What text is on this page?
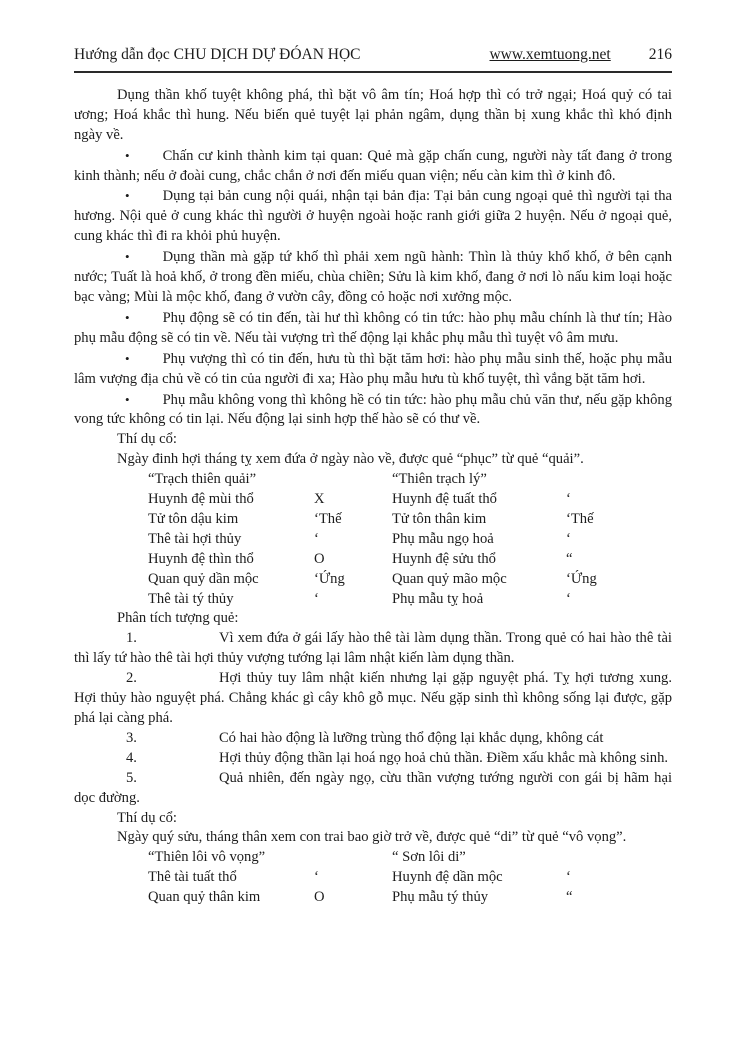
Hướng dẫn đọc CHU DỊCH DỰ ĐÓAN HỌC	www.xemtuong.net 216

Dụng thần khố tuyệt không phá, thì bặt vô âm tín; Hoá hợp thì có trở ngại; Hoá quỷ có tai ương; Hoá khắc thì hung. Nếu biến quẻ tuyệt lại phản ngâm, dụng thần bị xung khắc thì khó định ngày về.

• Chấn cư kinh thành kim tại quan: Quẻ mà gặp chấn cung, người này tất đang ở trong kinh thành; nếu ở đoài cung, chắc chắn ở nơi đến miếu quan viện; nếu càn kim thì ở kinh đô.

• Dụng tại bản cung nội quái, nhận tại bản địa: Tại bản cung ngoại quẻ thì người tại tha hương. Nội quẻ ở cung khác thì người ở huyện ngoài hoặc ranh giới giữa 2 huyện. Nếu ở ngoại quẻ, cung khác thì đi ra khỏi phủ huyện.

• Dụng thần mà gặp tứ khố thì phải xem ngũ hành: Thìn là thủy khổ khố, ở bên cạnh nước; Tuất là hoả khố, ở trong đền miếu, chùa chiền; Sửu là kim khố, đang ở nơi lò nấu kim loại hoặc bạc vàng; Mùi là mộc khố, đang ở vườn cây, đồng cỏ hoặc nơi xưởng mộc.

• Phụ động sẽ có tin đến, tài hư thì không có tin tức: hào phụ mẫu chính là thư tín; Hào phụ mẫu động sẽ có tin về. Nếu tài vượng trì thế động lại khắc phụ mẫu thì tuyệt vô âm mưu.

• Phụ vượng thì có tin đến, hưu tù thì bặt tăm hơi: hào phụ mẫu sinh thế, hoặc phụ mẫu lâm vượng địa chủ về có tin của người đi xa; Hào phụ mẫu hưu tù khố tuyệt, thì vắng bặt tăm hơi.

• Phụ mẫu không vong thì không hề có tin tức: hào phụ mẫu chủ văn thư, nếu gặp không vong tức không có tin lại. Nếu động lại sinh hợp thế hào sẽ có thư về.

Thí dụ cổ:

Ngày đinh hợi tháng tỵ xem đứa ở ngày nào về, được quẻ “phục” từ quẻ “quải”.

“Trạch thiên quải”	“Thiên trạch lý”
Huynh đệ mùi thổ	X	Huynh đệ tuất thổ	‘
Tử tôn dậu kim	‘Thế	Tử tôn thân kim	‘Thế
Thê tài hợi thủy	‘	Phụ mẫu ngọ hoả	‘
Huynh đệ thìn thổ	O	Huynh đệ sửu thổ	“
Quan quỷ dần mộc	‘Ứng	Quan quỷ mão mộc	‘Ứng
Thê tài tý thủy	‘	Phụ mẫu tỵ hoả	‘

Phân tích tượng quẻ:

1.	Vì xem đứa ở gái lấy hào thê tài làm dụng thần. Trong quẻ có hai hào thê tài thì lấy tứ hào thê tài hợi thủy vượng tướng lại lâm nhật kiến làm dụng thần.

2.	Hợi thủy tuy lâm nhật kiến nhưng lại gặp nguyệt phá. Tỵ hợi tương xung. Hợi thủy hào nguyệt phá. Chẳng khác gì cây khô gỗ mục. Nếu gặp sinh thì không sống lại được, gặp phá lại càng phá.

3.	Có hai hào động là lưỡng trùng thổ động lại khắc dụng, không cát

4.	Hợi thủy động thần lại hoá ngọ hoả chủ thần. Điềm xấu khắc mà không sinh.

5.	Quả nhiên, đến ngày ngọ, cừu thần vượng tướng người con gái bị hãm hại dọc đường.

Thí dụ cổ:

Ngày quý sửu, tháng thân xem con trai bao giờ trở về, được quẻ “di” từ quẻ “vô vọng”.

“Thiên lôi vô vọng”	“ Sơn lôi di”
Thê tài tuất thổ	‘	Huynh đệ dần mộc	‘
Quan quỷ thân kim	O	Phụ mẫu tý thủy	“
